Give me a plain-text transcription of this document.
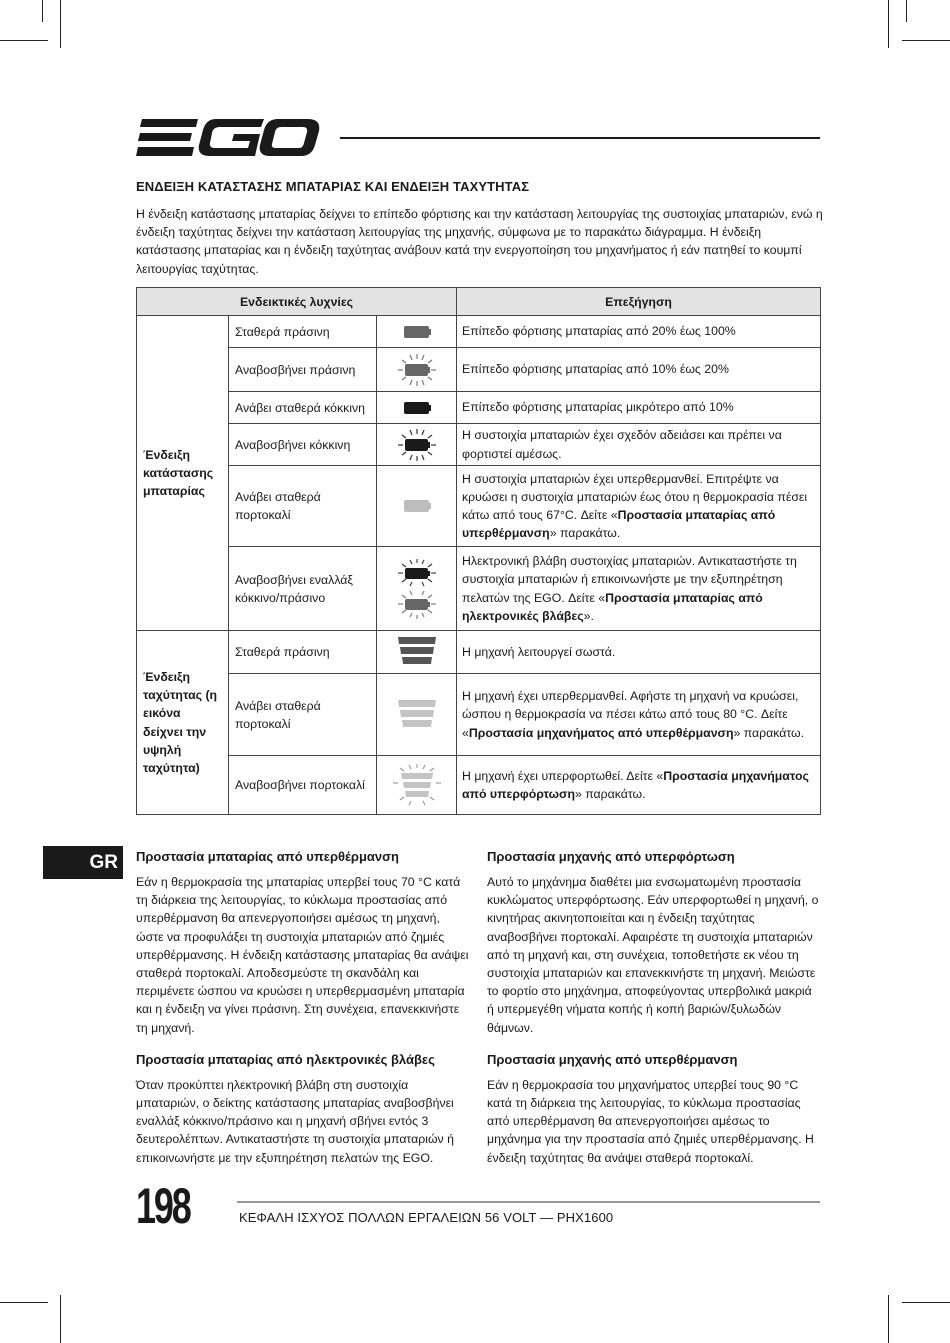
ΕΝΔΕΙΞΗ ΚΑΤΑΣΤΑΣΗΣ ΜΠΑΤΑΡΙΑΣ ΚΑΙ ΕΝΔΕΙΞΗ ΤΑΧΥΤΗΤΑΣ

Η ένδειξη κατάστασης μπαταρίας δείχνει το επίπεδο φόρτισης και την κατάσταση λειτουργίας της συστοιχίας μπαταριών, ενώ η ένδειξη ταχύτητας δείχνει την κατάσταση λειτουργίας της μηχανής, σύμφωνα με το παρακάτω διάγραμμα. Η ένδειξη κατάστασης μπαταρίας και η ένδειξη ταχύτητας ανάβουν κατά την ενεργοποίηση του μηχανήματος ή εάν πατηθεί το κουμπί λειτουργίας ταχύτητας.

Ενδεικτικές λυχνίες			Επεξήγηση
Ένδειξη κατάστασης μπαταρίας	Σταθερά πράσινη		Επίπεδο φόρτισης μπαταρίας από 20% έως 100%
	Αναβοσβήνει πράσινη		Επίπεδο φόρτισης μπαταρίας από 10% έως 20%
	Ανάβει σταθερά κόκκινη		Επίπεδο φόρτισης μπαταρίας μικρότερο από 10%
	Αναβοσβήνει κόκκινη		Η συστοιχία μπαταριών έχει σχεδόν αδειάσει και πρέπει να φορτιστεί αμέσως.
	Ανάβει σταθερά πορτοκαλί		Η συστοιχία μπαταριών έχει υπερθερμανθεί. Επιτρέψτε να κρυώσει η συστοιχία μπαταριών έως ότου η θερμοκρασία πέσει κάτω από τους 67°C. Δείτε «Προστασία μπαταρίας από υπερθέρμανση» παρακάτω.
	Αναβοσβήνει εναλλάξ κόκκινο/πράσινο		Ηλεκτρονική βλάβη συστοιχίας μπαταριών. Αντικαταστήστε τη συστοιχία μπαταριών ή επικοινωνήστε με την εξυπηρέτηση πελατών της EGO. Δείτε «Προστασία μπαταρίας από ηλεκτρονικές βλάβες».
Ένδειξη ταχύτητας (η εικόνα δείχνει την υψηλή ταχύτητα)	Σταθερά πράσινη		Η μηχανή λειτουργεί σωστά.
	Ανάβει σταθερά πορτοκαλί		Η μηχανή έχει υπερθερμανθεί. Αφήστε τη μηχανή να κρυώσει, ώσπου η θερμοκρασία να πέσει κάτω από τους 80 °C. Δείτε «Προστασία μηχανήματος από υπερθέρμανση» παρακάτω.
	Αναβοσβήνει πορτοκαλί		Η μηχανή έχει υπερφορτωθεί. Δείτε «Προστασία μηχανήματος από υπερφόρτωση» παρακάτω.
GR	Προστασία μπαταρίας από υπερθέρμανση

Εάν η θερμοκρασία της μπαταρίας υπερβεί τους 70 °C κατά τη διάρκεια της λειτουργίας, το κύκλωμα προστασίας από υπερθέρμανση θα απενεργοποιήσει αμέσως τη μηχανή, ώστε να προφυλάξει τη συστοιχία μπαταριών από ζημιές υπερθέρμανσης. Η ένδειξη κατάστασης μπαταρίας θα ανάψει σταθερά πορτοκαλί. Αποδεσμεύστε τη σκανδάλη και περιμένετε ώσπου να κρυώσει η υπερθερμασμένη μπαταρία και η ένδειξη να γίνει πράσινη. Στη συνέχεια, επανεκκινήστε τη μηχανή.

Προστασία μπαταρίας από ηλεκτρονικές βλάβες

Όταν προκύπτει ηλεκτρονική βλάβη στη συστοιχία μπαταριών, ο δείκτης κατάστασης μπαταρίας αναβοσβήνει εναλλάξ κόκκινο/πράσινο και η μηχανή σβήνει εντός 3 δευτερολέπτων. Αντικαταστήστε τη συστοιχία μπαταριών ή επικοινωνήστε με την εξυπηρέτηση πελατών της EGO.

Προστασία μηχανής από υπερφόρτωση

Αυτό το μηχάνημα διαθέτει μια ενσωματωμένη προστασία κυκλώματος υπερφόρτωσης. Εάν υπερφορτωθεί η μηχανή, ο κινητήρας ακινητοποιείται και η ένδειξη ταχύτητας αναβοσβήνει πορτοκαλί. Αφαιρέστε τη συστοιχία μπαταριών από τη μηχανή και, στη συνέχεια, τοποθετήστε εκ νέου τη συστοιχία μπαταριών και επανεκκινήστε τη μηχανή. Μειώστε το φορτίο στο μηχάνημα, αποφεύγοντας υπερβολικά μακριά ή υπερμεγέθη νήματα κοπής ή κοπή βαριών/ξυλωδών θάμνων.

Προστασία μηχανής από υπερθέρμανση

Εάν η θερμοκρασία του μηχανήματος υπερβεί τους 90 °C κατά τη διάρκεια της λειτουργίας, το κύκλωμα προστασίας από υπερθέρμανση θα απενεργοποιήσει αμέσως το μηχάνημα για την προστασία από ζημιές υπερθέρμανσης. Η ένδειξη ταχύτητας θα ανάψει σταθερά πορτοκαλί.

198	ΚΕΦΑΛΗ ΙΣΧΥΟΣ ΠΟΛΛΩΝ ΕΡΓΑΛΕΙΩΝ 56 VOLT — PHX1600
